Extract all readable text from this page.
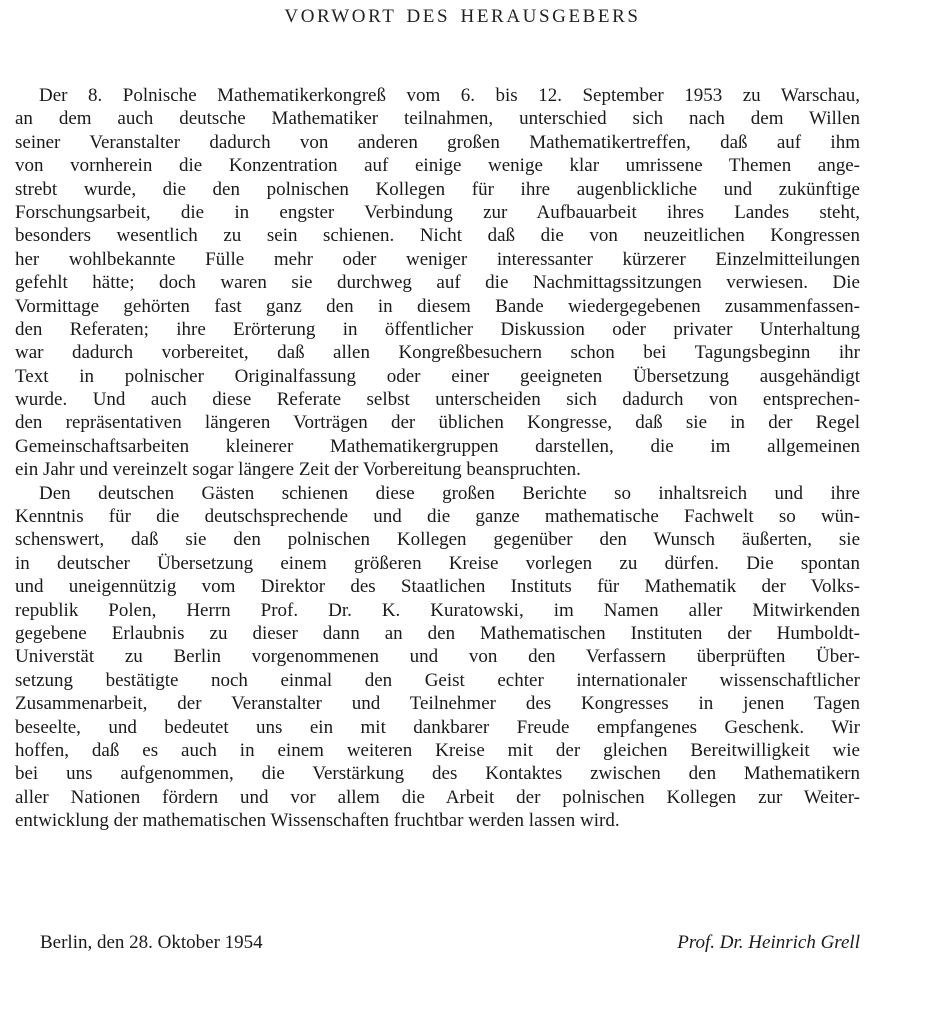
VORWORT DES HERAUSGEBERS
Der 8. Polnische Mathematikerkongreß vom 6. bis 12. September 1953 zu Warschau,
an dem auch deutsche Mathematiker teilnahmen, unterschied sich nach dem Willen
seiner Veranstalter dadurch von anderen großen Mathematikertreffen, daß auf ihm
von vornherein die Konzentration auf einige wenige klar umrissene Themen ange-
strebt wurde, die den polnischen Kollegen für ihre augenblickliche und zukünftige
Forschungsarbeit, die in engster Verbindung zur Aufbauarbeit ihres Landes steht,
besonders wesentlich zu sein schienen. Nicht daß die von neuzeitlichen Kongressen
her wohlbekannte Fülle mehr oder weniger interessanter kürzerer Einzelmitteilungen
gefehlt hätte; doch waren sie durchweg auf die Nachmittagssitzungen verwiesen. Die
Vormittage gehörten fast ganz den in diesem Bande wiedergegebenen zusammenfassen-
den Referaten; ihre Erörterung in öffentlicher Diskussion oder privater Unterhaltung
war dadurch vorbereitet, daß allen Kongreßbesuchern schon bei Tagungsbeginn ihr
Text in polnischer Originalfassung oder einer geeigneten Übersetzung ausgehändigt
wurde. Und auch diese Referate selbst unterscheiden sich dadurch von entsprechen-
den repräsentativen längeren Vorträgen der üblichen Kongresse, daß sie in der Regel
Gemeinschaftsarbeiten kleinerer Mathematikergruppen darstellen, die im allgemeinen
ein Jahr und vereinzelt sogar längere Zeit der Vorbereitung beanspruchten.
Den deutschen Gästen schienen diese großen Berichte so inhaltsreich und ihre
Kenntnis für die deutschsprechende und die ganze mathematische Fachwelt so wün-
schenswert, daß sie den polnischen Kollegen gegenüber den Wunsch äußerten, sie
in deutscher Übersetzung einem größeren Kreise vorlegen zu dürfen. Die spontan
und uneigennützig vom Direktor des Staatlichen Instituts für Mathematik der Volks-
republik Polen, Herrn Prof. Dr. K. Kuratowski, im Namen aller Mitwirkenden
gegebene Erlaubnis zu dieser dann an den Mathematischen Instituten der Humboldt-
Universtät zu Berlin vorgenommenen und von den Verfassern überprüften Über-
setzung bestätigte noch einmal den Geist echter internationaler wissenschaftlicher
Zusammenarbeit, der Veranstalter und Teilnehmer des Kongresses in jenen Tagen
beseelte, und bedeutet uns ein mit dankbarer Freude empfangenes Geschenk. Wir
hoffen, daß es auch in einem weiteren Kreise mit der gleichen Bereitwilligkeit wie
bei uns aufgenommen, die Verstärkung des Kontaktes zwischen den Mathematikern
aller Nationen fördern und vor allem die Arbeit der polnischen Kollegen zur Weiter-
entwicklung der mathematischen Wissenschaften fruchtbar werden lassen wird.
Berlin, den 28. Oktober 1954	Prof. Dr. Heinrich Grell
